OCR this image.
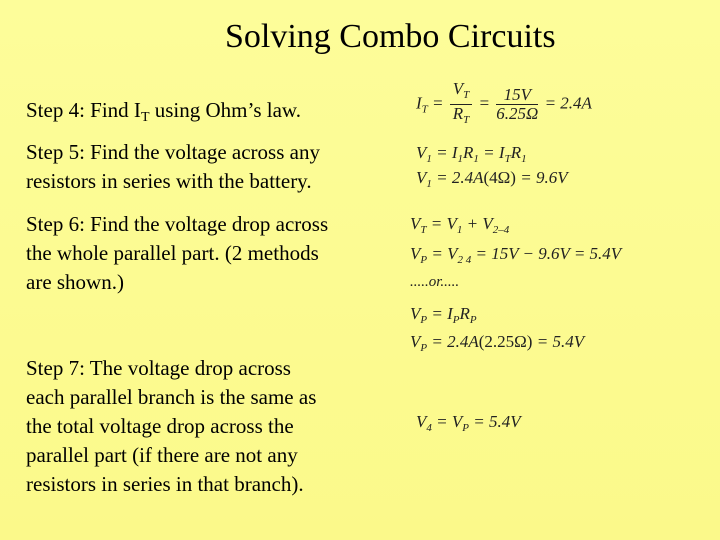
Solving Combo Circuits
Step 4: Find $I_T$ using Ohm’s law.
Step 5: Find the voltage across any
resistors in series with the battery.
Step 6: Find the voltage drop across
the whole parallel part. (2 methods
are shown.)
Step 7: The voltage drop across
each parallel branch is the same as
the total voltage drop across the
parallel part (if there are not any
resistors in series in that branch).
$I_T = \frac{V_T}{R_T} = \frac{15V}{6.25\Omega} = 2.4A$
$V_1 = I_1R_1 = I_TR_1$
$V_1 = 2.4A(4\Omega) = 9.6V$
$V_T = V_1 + V_{2-4}$
$V_P = V_{2 4} = 15V - 9.6V = 5.4V$
.....or.....
$V_P = I_PR_P$
$V_P = 2.4A(2.25\Omega) = 5.4V$
$V_4 = V_P = 5.4V$
